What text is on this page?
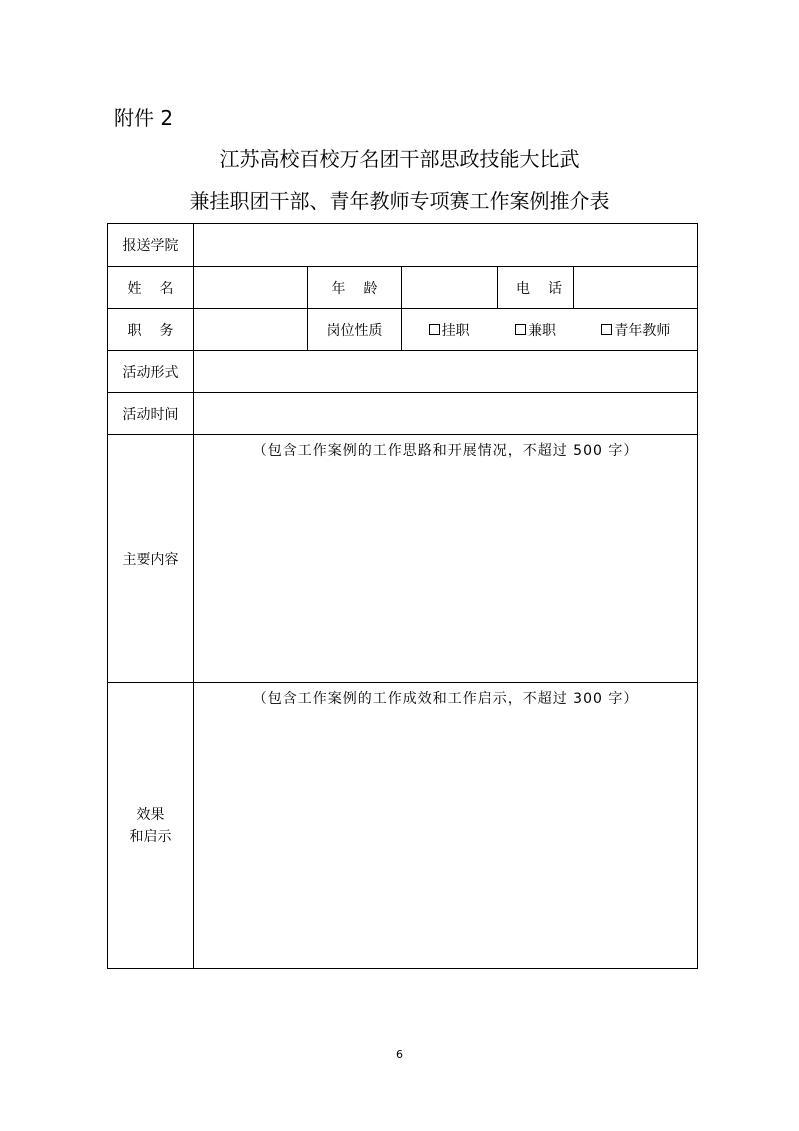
附件 2
江苏高校百校万名团干部思政技能大比武
兼挂职团干部、青年教师专项赛工作案例推介表
报送学院					
姓名		年龄		电话	
职务		岗位性质	挂职 兼职 青年教师		

活动形式					
活动时间					
主要内容	（包含工作案例的工作思路和开展情况，不超过 500 字）				

效果
和启示	（包含工作案例的工作成效和工作启示，不超过 300 字）				
6
